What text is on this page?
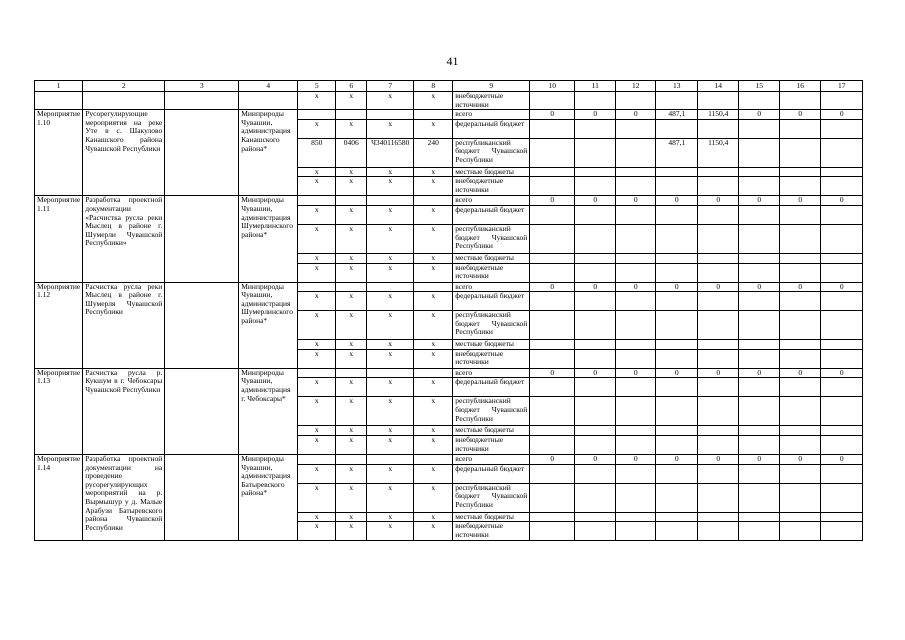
41
1	2	3	4	5	6	7	8	9	10	11	12	13	14	15	16	17
				x	x	x	x	внебюджетные источники								
Мероприятие 1.10	Русорегулирующие мероприятия на реке Уте в с. Шакулово Канашского района Чувашской Республики		Минприроды Чувашии, администрация Канашского района*					всего	0	0	0	487,1	1150,4	0	0	0
				x	x	x	x	федеральный бюджет								
				850	0406	Ч340116580	240	республиканский бюджет Чувашской Республики				487,1	1150,4			
				x	x	x	x	местные бюджеты								
				x	x	x	x	внебюджетные источники								
Мероприятие 1.11	Разработка проектной документации «Расчистка русла реки Мыслец в районе г. Шумерли Чувашской Республики»		Минприроды Чувашии, администрация Шумерлинского района*					всего	0	0	0	0	0	0	0	0
				x	x	x	x	федеральный бюджет								
				x	x	x	x	республиканский бюджет Чувашской Республики								
				x	x	x	x	местные бюджеты								
				x	x	x	x	внебюджетные источники								
Мероприятие 1.12	Расчистка русла реки Мыслец в районе г. Шумерля Чувашской Республики		Минприроды Чувашии, администрация Шумерлинского района*					всего	0	0	0	0	0	0	0	0
				x	x	x	x	федеральный бюджет								
				x	x	x	x	республиканский бюджет Чувашской Республики								
				x	x	x	x	местные бюджеты								
				x	x	x	x	внебюджетные источники								
Мероприятие 1.13	Расчистка русла р. Кукшум в г. Чебоксары Чувашской Республики		Минприроды Чувашии, администрация г. Чебоксары*					всего	0	0	0	0	0	0	0	0
				x	x	x	x	федеральный бюджет								
				x	x	x	x	республиканский бюджет Чувашской Республики								
				x	x	x	x	местные бюджеты								
				x	x	x	x	внебюджетные источники								
Мероприятие 1.14	Разработка проектной документации на проведение русорегулирующих мероприятий на р. Вырмышур у д. Малые Арабузи Батыревского района Чувашской Республики		Минприроды Чувашии, администрация Батыревского района*					всего	0	0	0	0	0	0	0	0
				x	x	x	x	федеральный бюджет								
				x	x	x	x	республиканский бюджет Чувашской Республики								
				x	x	x	x	местные бюджеты								
				x	x	x	x	внебюджетные источники								
